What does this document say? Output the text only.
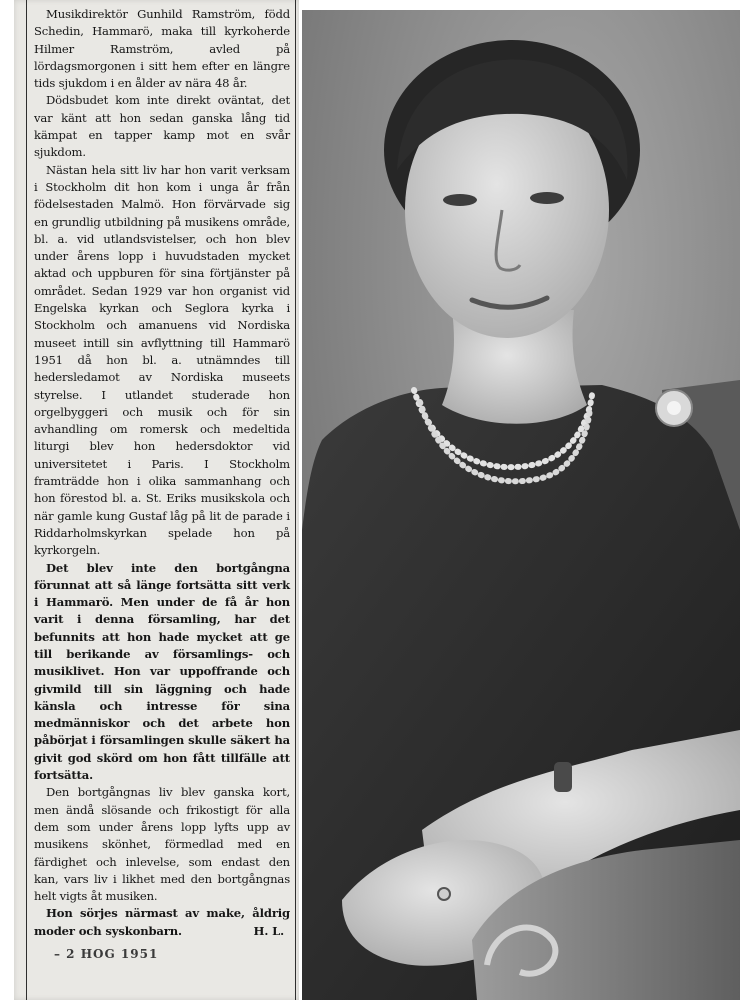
Musikdirektör Gunhild Ramström, född Schedin, Hammarö, maka till kyrkoherde Hilmer Ramström, avled på lördagsmorgonen i sitt hem efter en längre tids sjukdom i en ålder av nära 48 år.

Dödsbudet kom inte direkt oväntat, det var känt att hon sedan ganska lång tid kämpat en tapper kamp mot en svår sjukdom.

Nästan hela sitt liv har hon varit verksam i Stockholm dit hon kom i unga år från födelsestaden Malmö. Hon förvärvade sig en grundlig utbildning på musikens område, bl. a. vid utlandsvistelser, och hon blev under årens lopp i huvudstaden mycket aktad och uppburen för sina förtjänster på området. Sedan 1929 var hon organist vid Engelska kyrkan och Seglora kyrka i Stockholm och amanuens vid Nordiska museet intill sin avflyttning till Hammarö 1951 då hon bl. a. utnämndes till hedersledamot av Nordiska museets styrelse. I utlandet studerade hon orgelbyggeri och musik och för sin avhandling om romersk och medeltida liturgi blev hon hedersdoktor vid universitetet i Paris. I Stockholm framträdde hon i olika sammanhang och hon förestod bl. a. St. Eriks musikskola och när gamle kung Gustaf låg på lit de parade i Riddarholmskyrkan spelade hon på kyrkorgeln.

Det blev inte den bortgångna förunnat att så länge fortsätta sitt verk i Hammarö. Men under de få år hon varit i denna församling, har det befunnits att hon hade mycket att ge till berikande av församlings- och musiklivet. Hon var uppoffrande och givmild till sin läggning och hade känsla och intresse för sina medmänniskor och det arbete hon påbörjat i församlingen skulle säkert ha givit god skörd om hon fått tillfälle att fortsätta.

Den bortgångnas liv blev ganska kort, men ändå slösande och frikostigt för alla dem som under årens lopp lyfts upp av musikens skönhet, förmedlad med en färdighet och inlevelse, som endast den kan, vars liv i likhet med den bortgångnas helt vigts åt musiken.

Hon sörjes närmast av make, åldrig moder och syskonbarn.	H. L.
– 2 HOG 1951
